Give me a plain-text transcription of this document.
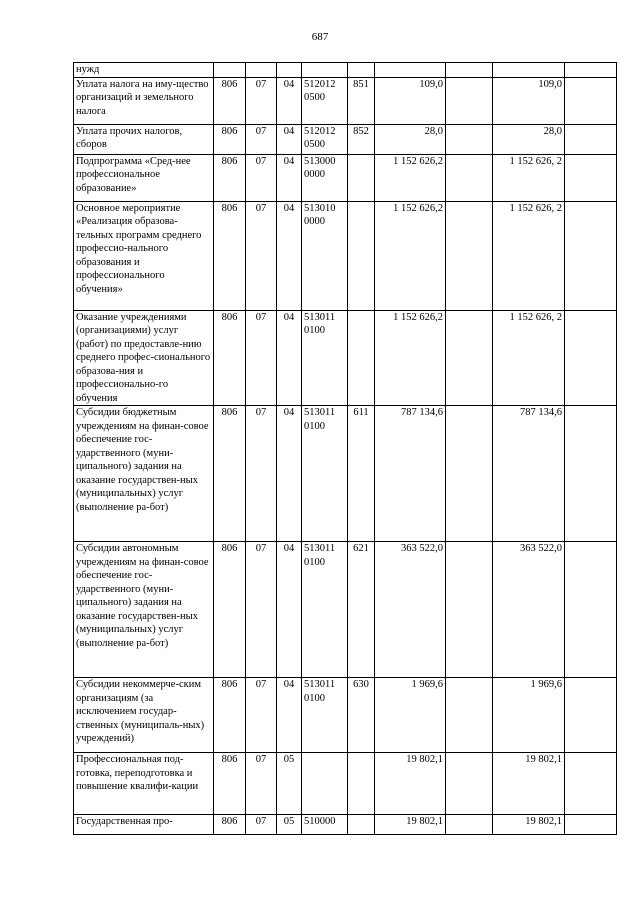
687
нужд									
Уплата налога на иму-щество организаций и земельного налога	806	07	04	512012 0500	851	109,0		109,0	
Уплата прочих налогов, сборов	806	07	04	512012 0500	852	28,0		28,0	
Подпрограмма «Сред-нее профессиональное образование»	806	07	04	513000 0000		1 152 626,2		1 152 626, 2	
Основное мероприятие «Реализация образова-тельных программ среднего профессио-нального образования и профессионального обучения»	806	07	04	513010 0000		1 152 626,2		1 152 626, 2	
Оказание учреждениями (организациями) услуг (работ) по предоставле-нию среднего профес-сионального образова-ния и профессионально-го обучения	806	07	04	513011 0100		1 152 626,2		1 152 626, 2	
Субсидии бюджетным учреждениям на финан-совое обеспечение гос-ударственного (муни-ципального) задания на оказание государствен-ных (муниципальных) услуг (выполнение ра-бот)	806	07	04	513011 0100	611	787 134,6		787 134,6	
Субсидии автономным учреждениям на финан-совое обеспечение гос-ударственного (муни-ципального) задания на оказание государствен-ных (муниципальных) услуг (выполнение ра-бот)	806	07	04	513011 0100	621	363 522,0		363 522,0	
Субсидии некоммерче-ским организациям (за исключением государ-ственных (муниципаль-ных) учреждений)	806	07	04	513011 0100	630	1 969,6		1 969,6	
Профессиональная под-готовка, переподготовка и повышение квалифи-кации	806	07	05			19 802,1		19 802,1	
Государственная про-	806	07	05	510000		19 802,1		19 802,1	
